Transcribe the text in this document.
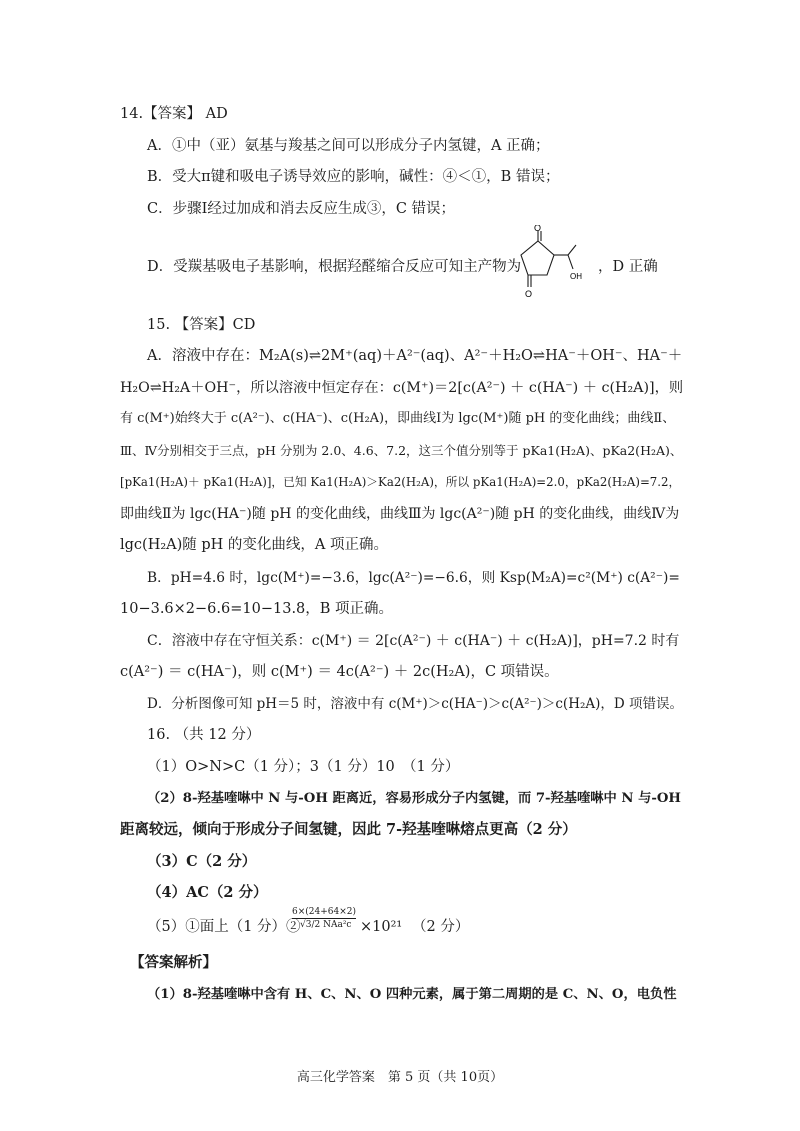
14.【答案】 AD
A．①中（亚）氨基与羧基之间可以形成分子内氢键，A 正确；
B．受大π键和吸电子诱导效应的影响，碱性：④＜①，B 错误；
C．步骤Ⅰ经过加成和消去反应生成③，C 错误；
D．受羰基吸电子基影响，根据羟醛缩合反应可知主产物为
O
O
OH
，D 正确
15. 【答案】CD
A．溶液中存在：M₂A(s)⇌2M⁺(aq)＋A²⁻(aq)、A²⁻＋H₂O⇌HA⁻＋OH⁻、HA⁻＋
H₂O⇌H₂A＋OH⁻，所以溶液中恒定存在：c(M⁺)＝2[c(A²⁻) ＋ c(HA⁻) ＋ c(H₂A)]，则
有 c(M⁺)始终大于 c(A²⁻)、c(HA⁻)、c(H₂A)，即曲线Ⅰ为 lgc(M⁺)随 pH 的变化曲线；曲线Ⅱ、
Ⅲ、Ⅳ分别相交于三点，pH 分别为 2.0、4.6、7.2，这三个值分别等于 pKa1(H₂A)、pKa2(H₂A)、
[pKa1(H₂A)＋ pKa1(H₂A)]，已知 Ka1(H₂A)＞Ka2(H₂A)，所以 pKa1(H₂A)=2.0，pKa2(H₂A)=7.2，
即曲线Ⅱ为 lgc(HA⁻)随 pH 的变化曲线，曲线Ⅲ为 lgc(A²⁻)随 pH 的变化曲线，曲线Ⅳ为
lgc(H₂A)随 pH 的变化曲线，A 项正确。
B．pH=4.6 时，lgc(M⁺)=−3.6，lgc(A²⁻)=−6.6，则 Ksp(M₂A)=c²(M⁺) c(A²⁻)=
10−3.6×2−6.6=10−13.8，B 项正确。
C．溶液中存在守恒关系：c(M⁺) ＝ 2[c(A²⁻) ＋ c(HA⁻) ＋ c(H₂A)]，pH=7.2 时有
c(A²⁻) ＝ c(HA⁻)，则 c(M⁺) ＝ 4c(A²⁻) ＋ 2c(H₂A)，C 项错误。
D．分析图像可知 pH＝5 时，溶液中有 c(M⁺)＞c(HA⁻)＞c(A²⁻)＞c(H₂A)，D 项错误。
16. （共 12 分）
（1）O>N>C（1 分）；3（1 分）10　（1 分）
（2）8-羟基喹啉中 N 与-OH 距离近，容易形成分子内氢键，而 7-羟基喹啉中 N 与-OH
距离较远，倾向于形成分子间氢键，因此 7-羟基喹啉熔点更高（2 分）
（3）C（2 分）
（4）AC（2 分）
（5）①面上（1 分）②
6×(24+64×2)
√3/2 NAa²c ×10²¹ （2 分）
【答案解析】
（1）8-羟基喹啉中含有 H、C、N、O 四种元素，属于第二周期的是 C、N、O，电负性
高三化学答案　第 5 页（共 10页）
